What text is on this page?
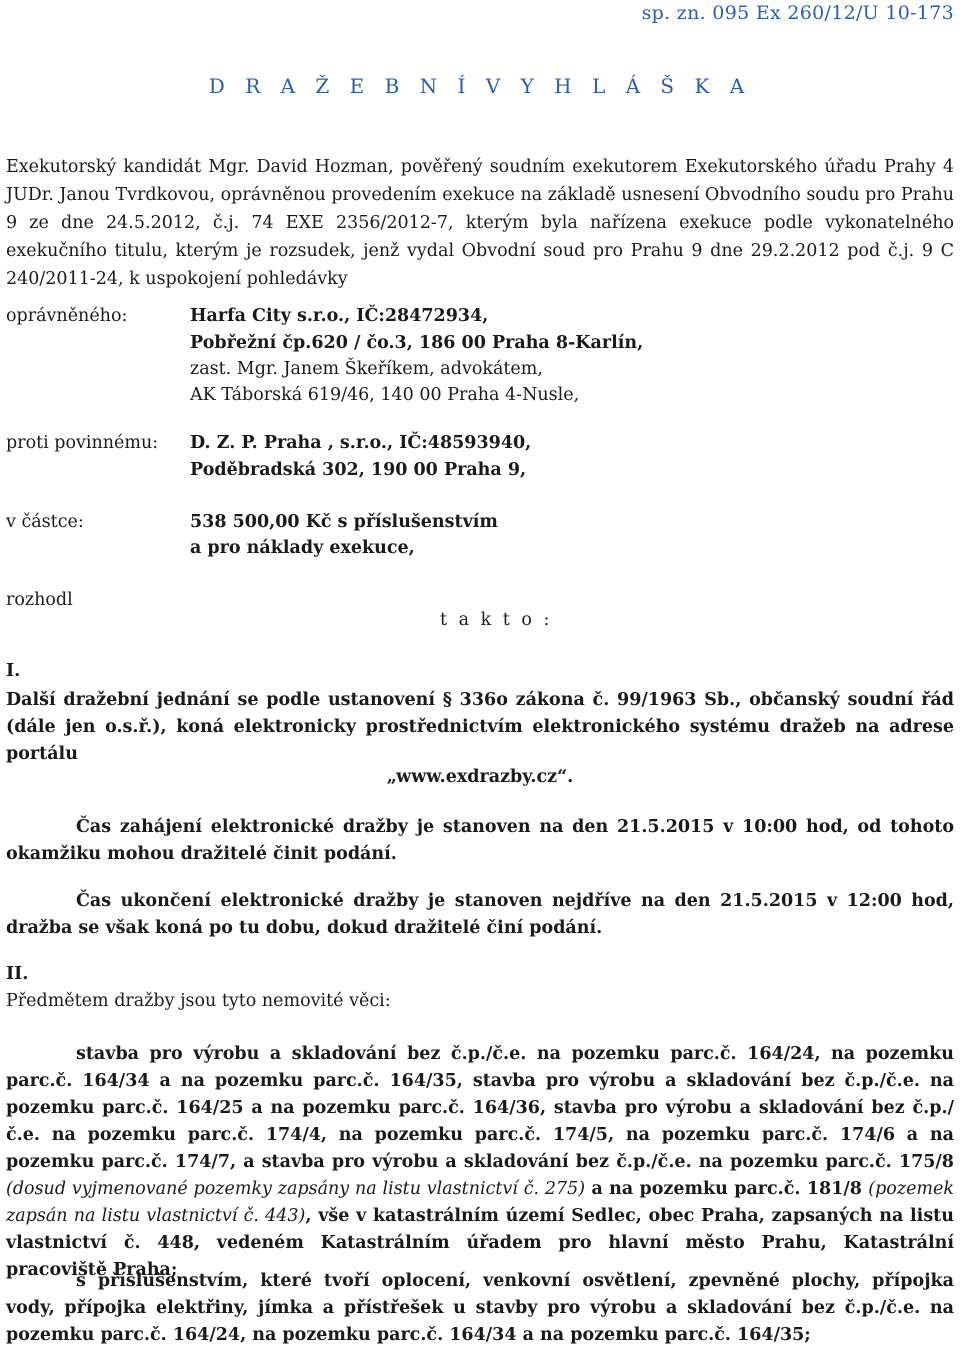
sp. zn. 095 Ex 260/12/U 10-173
D R A Ž E B N Í V Y H L Á Š K A
Exekutorský kandidát Mgr. David Hozman, pověřený soudním exekutorem Exekutorského úřadu Prahy 4 JUDr. Janou Tvrdkovou, oprávněnou provedením exekuce na základě usnesení Obvodního soudu pro Prahu 9 ze dne 24.5.2012, č.j. 74 EXE 2356/2012-7, kterým byla nařízena exekuce podle vykonatelného exekučního titulu, kterým je rozsudek, jenž vydal Obvodní soud pro Prahu 9 dne 29.2.2012 pod č.j. 9 C 240/2011-24, k uspokojení pohledávky
oprávněného:	Harfa City s.r.o., IČ:28472934,
Pobřežní čp.620 / čo.3, 186 00 Praha 8-Karlín,
zast. Mgr. Janem Škeříkem, advokátem,
AK Táborská 619/46, 140 00 Praha 4-Nusle,
proti povinnému: D. Z. P. Praha , s.r.o., IČ:48593940,
Poděbradská 302, 190 00 Praha 9,
v částce:	538 500,00 Kč s příslušenstvím
a pro náklady exekuce,
rozhodl
t a k t o :
I.
Další dražební jednání se podle ustanovení § 336o zákona č. 99/1963 Sb., občanský soudní řád (dále jen o.s.ř.), koná elektronicky prostřednictvím elektronického systému dražeb na adrese portálu
„www.exdrazby.cz“.
Čas zahájení elektronické dražby je stanoven na den 21.5.2015 v 10:00 hod, od tohoto okamžiku mohou dražitelé činit podání.
Čas ukončení elektronické dražby je stanoven nejdříve na den 21.5.2015 v 12:00 hod, dražba se však koná po tu dobu, dokud dražitelé činí podání.
II.
Předmětem dražby jsou tyto nemovité věci:
stavba pro výrobu a skladování bez č.p./č.e. na pozemku parc.č. 164/24, na pozemku parc.č. 164/34 a na pozemku parc.č. 164/35, stavba pro výrobu a skladování bez č.p./č.e. na pozemku parc.č. 164/25 a na pozemku parc.č. 164/36, stavba pro výrobu a skladování bez č.p./č.e. na pozemku parc.č. 174/4, na pozemku parc.č. 174/5, na pozemku parc.č. 174/6 a na pozemku parc.č. 174/7, a stavba pro výrobu a skladování bez č.p./č.e. na pozemku parc.č. 175/8 (dosud vyjmenované pozemky zapsány na listu vlastnictví č. 275) a na pozemku parc.č. 181/8 (pozemek zapsán na listu vlastnictví č. 443), vše v katastrálním území Sedlec, obec Praha, zapsaných na listu vlastnictví č. 448, vedeném Katastrálním úřadem pro hlavní město Prahu, Katastrální pracoviště Praha;
s příslušenstvím, které tvoří oplocení, venkovní osvětlení, zpevněné plochy, přípojka vody, přípojka elektřiny, jímka a přístřešek u stavby pro výrobu a skladování bez č.p./č.e. na pozemku parc.č. 164/24, na pozemku parc.č. 164/34 a na pozemku parc.č. 164/35;
